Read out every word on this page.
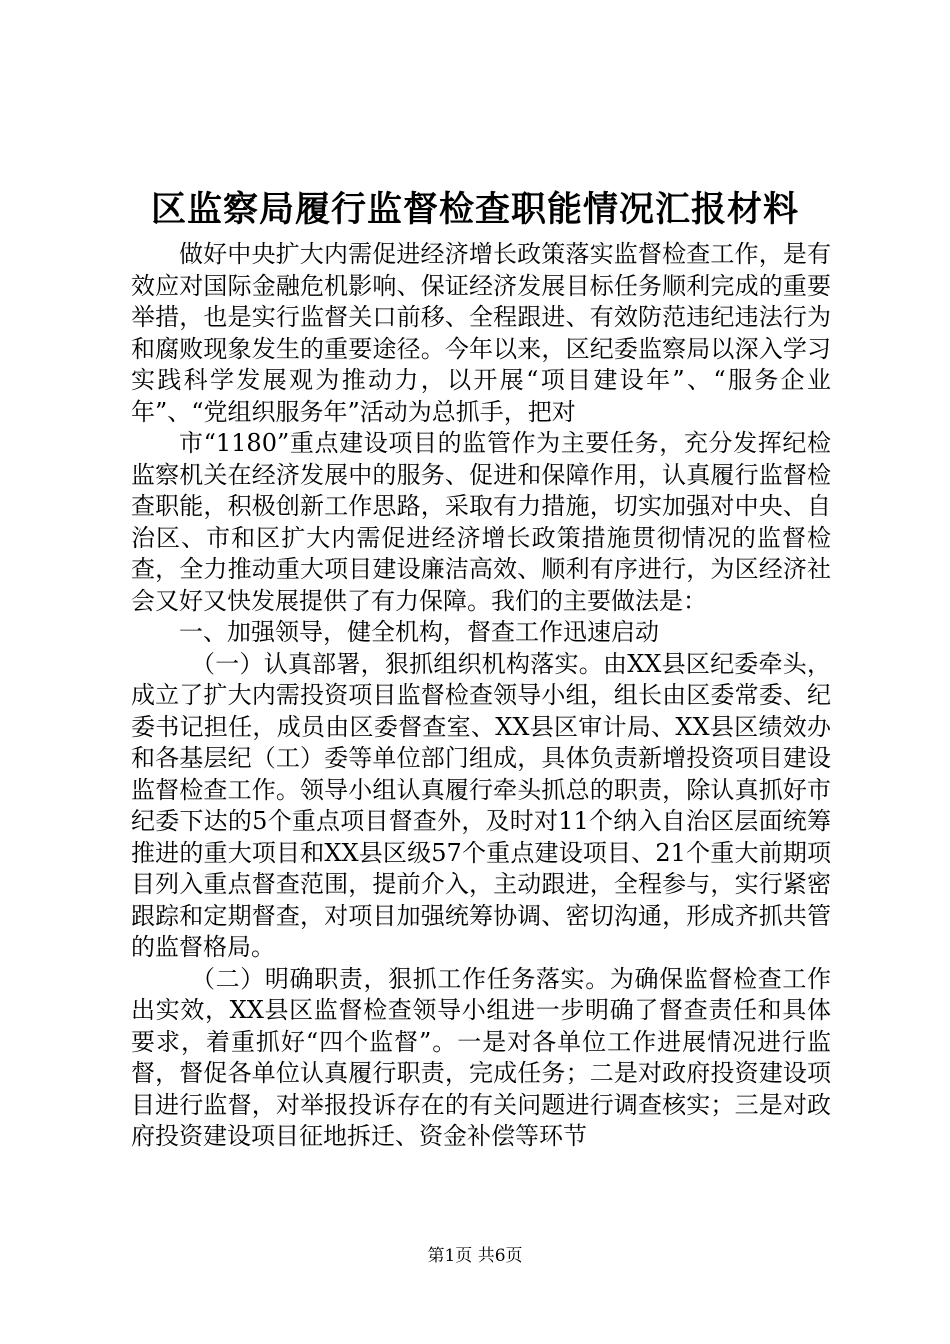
区监察局履行监督检查职能情况汇报材料

做好中央扩大内需促进经济增长政策落实监督检查工作，是有效应对国际金融危机影响、保证经济发展目标任务顺利完成的重要举措，也是实行监督关口前移、全程跟进、有效防范违纪违法行为和腐败现象发生的重要途径。今年以来，区纪委监察局以深入学习实践科学发展观为推动力，以开展“项目建设年”、“服务企业年”、“党组织服务年”活动为总抓手，把对

市“1180”重点建设项目的监管作为主要任务，充分发挥纪检监察机关在经济发展中的服务、促进和保障作用，认真履行监督检查职能，积极创新工作思路，采取有力措施，切实加强对中央、自治区、市和区扩大内需促进经济增长政策措施贯彻情况的监督检查，全力推动重大项目建设廉洁高效、顺利有序进行，为区经济社会又好又快发展提供了有力保障。我们的主要做法是：

一、加强领导，健全机构，督查工作迅速启动

（一）认真部署，狠抓组织机构落实。由XX县区纪委牵头，成立了扩大内需投资项目监督检查领导小组，组长由区委常委、纪委书记担任，成员由区委督查室、XX县区审计局、XX县区绩效办和各基层纪（工）委等单位部门组成，具体负责新增投资项目建设监督检查工作。领导小组认真履行牵头抓总的职责，除认真抓好市纪委下达的5个重点项目督查外，及时对11个纳入自治区层面统筹推进的重大项目和XX县区级57个重点建设项目、21个重大前期项目列入重点督查范围，提前介入，主动跟进，全程参与，实行紧密跟踪和定期督查，对项目加强统筹协调、密切沟通，形成齐抓共管的监督格局。

（二）明确职责，狠抓工作任务落实。为确保监督检查工作出实效，XX县区监督检查领导小组进一步明确了督查责任和具体要求，着重抓好“四个监督”。一是对各单位工作进展情况进行监督，督促各单位认真履行职责，完成任务；二是对政府投资建设项目进行监督，对举报投诉存在的有关问题进行调查核实；三是对政府投资建设项目征地拆迁、资金补偿等环节

第1页 共6页
